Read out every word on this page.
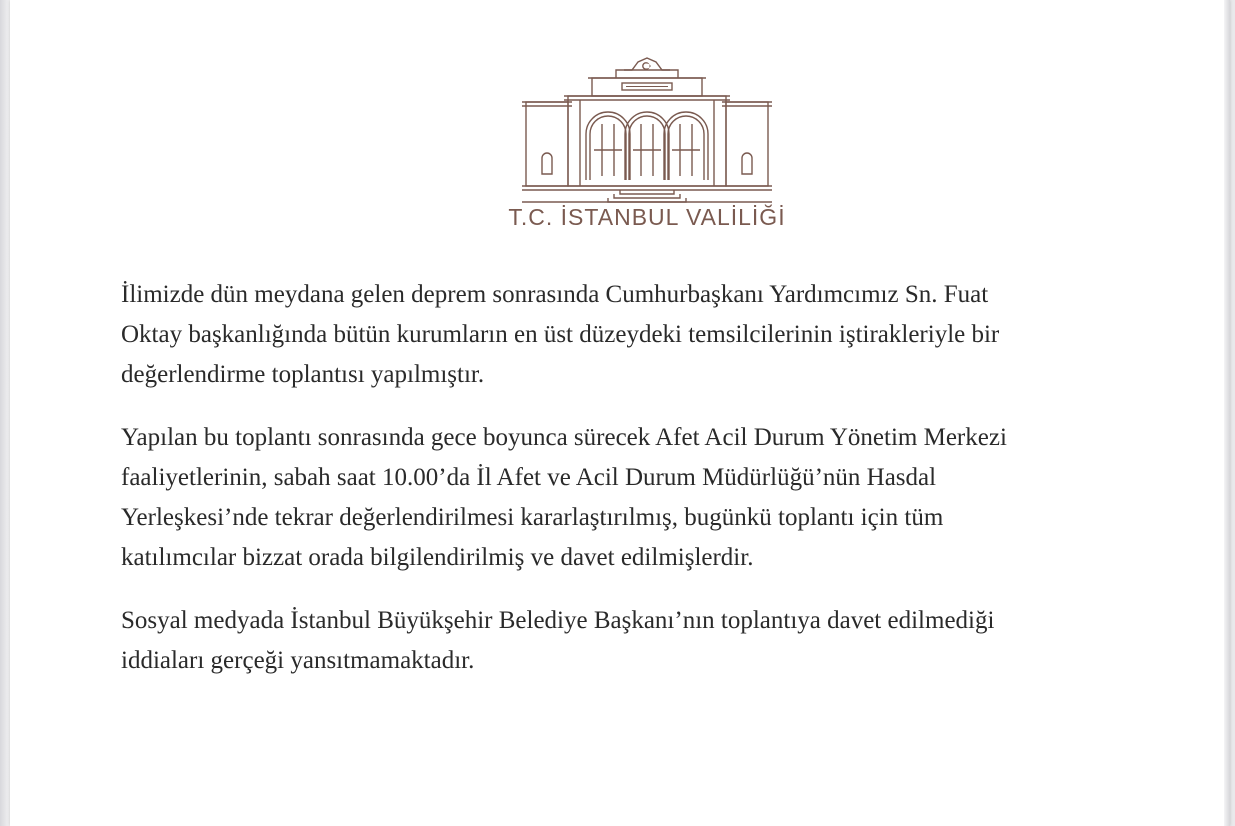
T.C. İSTANBUL VALİLİĞİ

İlimizde dün meydana gelen deprem sonrasında Cumhurbaşkanı Yardımcımız Sn. Fuat
Oktay başkanlığında bütün kurumların en üst düzeydeki temsilcilerinin iştirakleriyle bir
değerlendirme toplantısı yapılmıştır.

Yapılan bu toplantı sonrasında gece boyunca sürecek Afet Acil Durum Yönetim Merkezi
faaliyetlerinin, sabah saat 10.00’da İl Afet ve Acil Durum Müdürlüğü’nün Hasdal
Yerleşkesi’nde tekrar değerlendirilmesi kararlaştırılmış, bugünkü toplantı için tüm
katılımcılar bizzat orada bilgilendirilmiş ve davet edilmişlerdir.

Sosyal medyada İstanbul Büyükşehir Belediye Başkanı’nın toplantıya davet edilmediği
iddiaları gerçeği yansıtmamaktadır.
